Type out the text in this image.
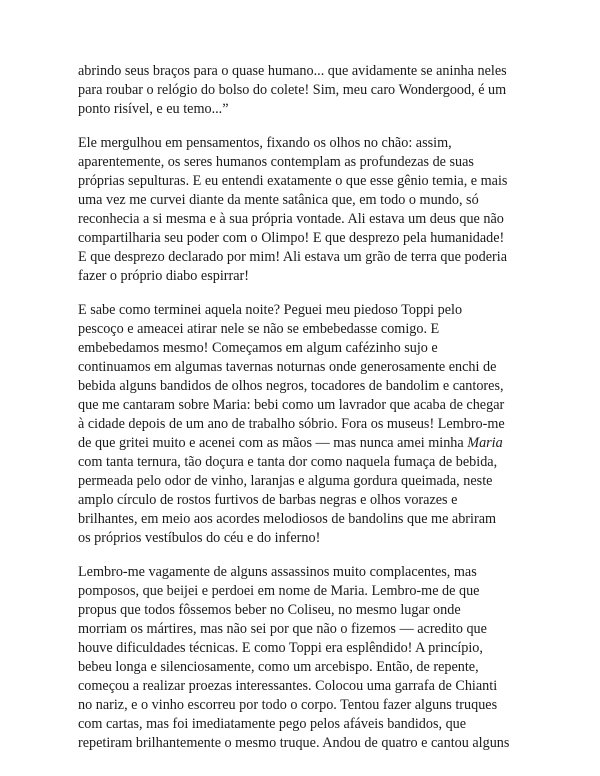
abrindo seus braços para o quase humano... que avidamente se aninha neles
para roubar o relógio do bolso do colete! Sim, meu caro Wondergood, é um
ponto risível, e eu temo...”

Ele mergulhou em pensamentos, fixando os olhos no chão: assim,
aparentemente, os seres humanos contemplam as profundezas de suas
próprias sepulturas. E eu entendi exatamente o que esse gênio temia, e mais
uma vez me curvei diante da mente satânica que, em todo o mundo, só
reconhecia a si mesma e à sua própria vontade. Ali estava um deus que não
compartilharia seu poder com o Olimpo! E que desprezo pela humanidade!
E que desprezo declarado por mim! Ali estava um grão de terra que poderia
fazer o próprio diabo espirrar!

E sabe como terminei aquela noite? Peguei meu piedoso Toppi pelo
pescoço e ameacei atirar nele se não se embebedasse comigo. E
embebedamos mesmo! Começamos em algum cafézinho sujo e
continuamos em algumas tavernas noturnas onde generosamente enchi de
bebida alguns bandidos de olhos negros, tocadores de bandolim e cantores,
que me cantaram sobre Maria: bebi como um lavrador que acaba de chegar
à cidade depois de um ano de trabalho sóbrio. Fora os museus! Lembro-me
de que gritei muito e acenei com as mãos — mas nunca amei minha Maria
com tanta ternura, tão doçura e tanta dor como naquela fumaça de bebida,
permeada pelo odor de vinho, laranjas e alguma gordura queimada, neste
amplo círculo de rostos furtivos de barbas negras e olhos vorazes e
brilhantes, em meio aos acordes melodiosos de bandolins que me abriram
os próprios vestíbulos do céu e do inferno!

Lembro-me vagamente de alguns assassinos muito complacentes, mas
pomposos, que beijei e perdoei em nome de Maria. Lembro-me de que
propus que todos fôssemos beber no Coliseu, no mesmo lugar onde
morriam os mártires, mas não sei por que não o fizemos — acredito que
houve dificuldades técnicas. E como Toppi era esplêndido! A princípio,
bebeu longa e silenciosamente, como um arcebispo. Então, de repente,
começou a realizar proezas interessantes. Colocou uma garrafa de Chianti
no nariz, e o vinho escorreu por todo o corpo. Tentou fazer alguns truques
com cartas, mas foi imediatamente pego pelos afáveis bandidos, que
repetiram brilhantemente o mesmo truque. Andou de quatro e cantou alguns
